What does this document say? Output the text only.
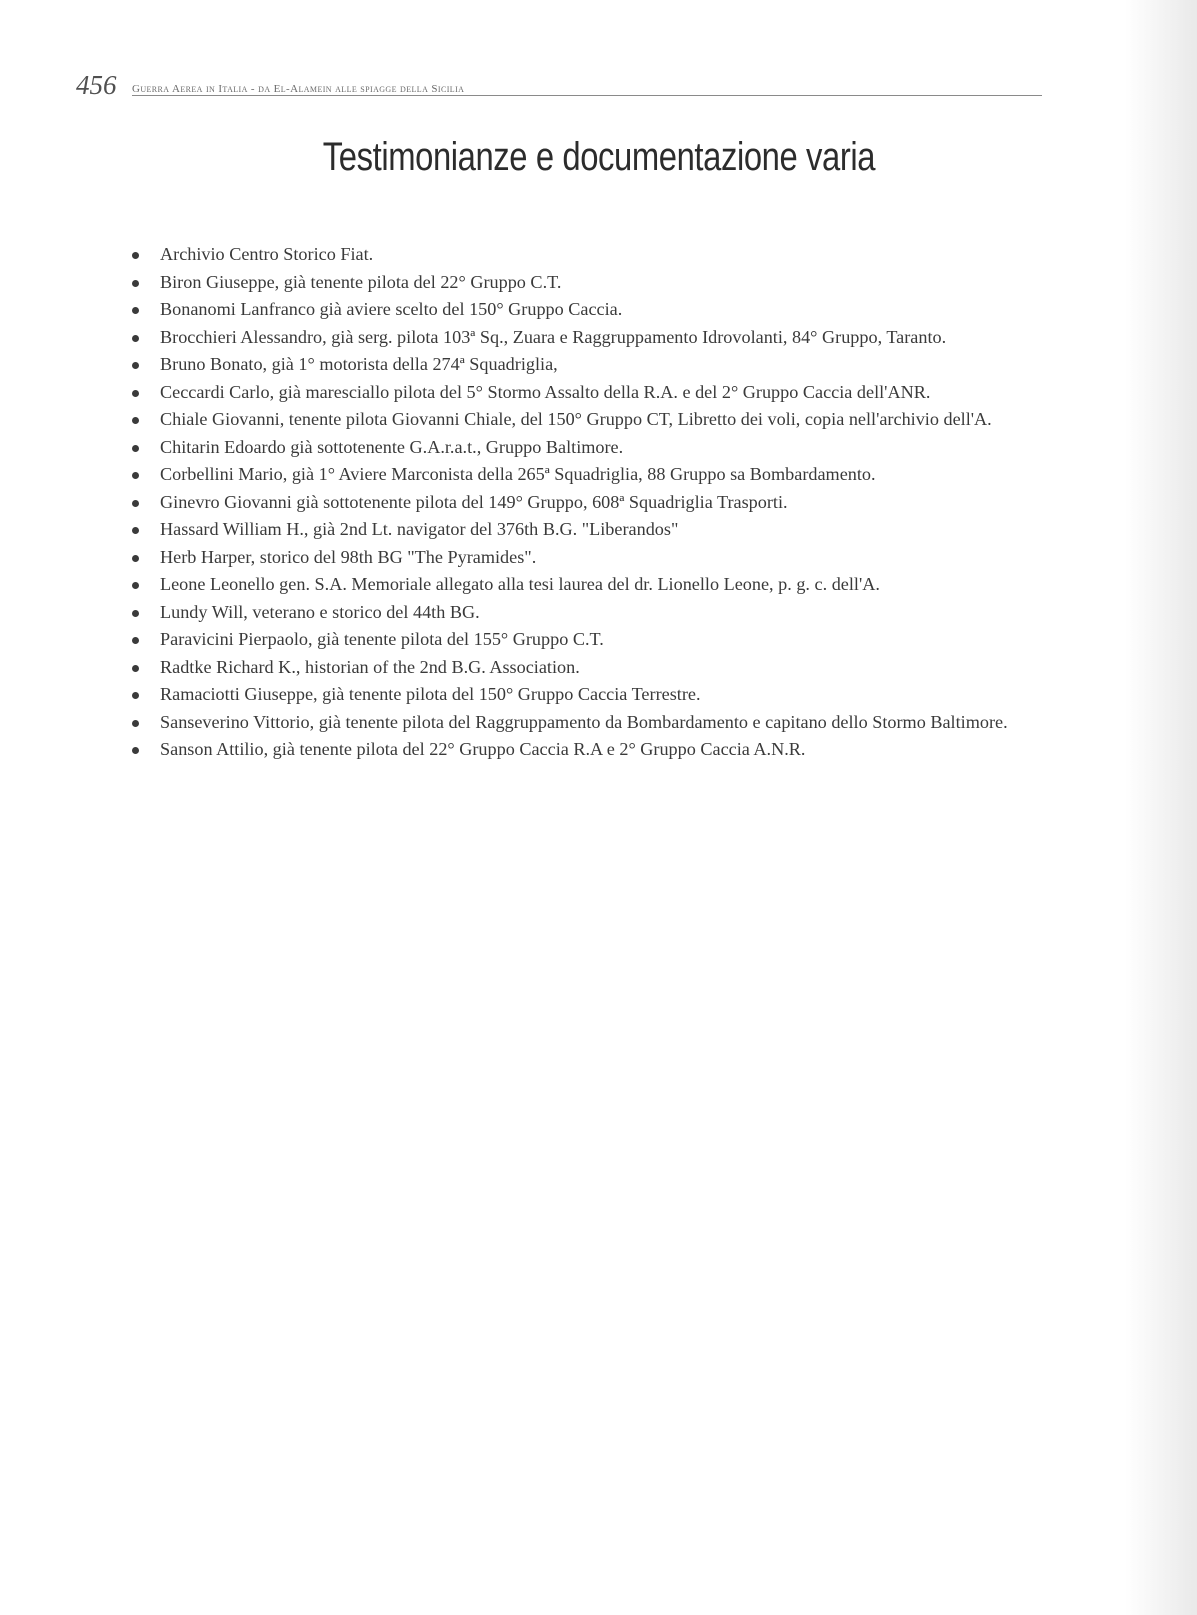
456 Guerra Aerea in Italia - da El-Alamein alle spiagge della Sicilia
Testimonianze e documentazione varia
Archivio Centro Storico Fiat.
Biron Giuseppe, già tenente pilota del 22° Gruppo C.T.
Bonanomi Lanfranco già aviere scelto del 150° Gruppo Caccia.
Brocchieri Alessandro, già serg. pilota 103ª Sq., Zuara e Raggruppamento Idrovolanti, 84° Gruppo, Taranto.
Bruno Bonato, già 1° motorista della 274ª Squadriglia,
Ceccardi Carlo, già maresciallo pilota del 5° Stormo Assalto della R.A. e del 2° Gruppo Caccia dell'ANR.
Chiale Giovanni, tenente pilota Giovanni Chiale, del 150° Gruppo CT, Libretto dei voli, copia nell'archivio dell'A.
Chitarin Edoardo già sottotenente G.A.r.a.t., Gruppo Baltimore.
Corbellini Mario, già 1° Aviere Marconista della 265ª Squadriglia, 88 Gruppo sa Bombardamento.
Ginevro Giovanni già sottotenente pilota del 149° Gruppo, 608ª Squadriglia Trasporti.
Hassard William H., già 2nd Lt. navigator del 376th B.G. "Liberandos"
Herb Harper, storico del 98th BG "The Pyramides".
Leone Leonello gen. S.A. Memoriale allegato alla tesi laurea del dr. Lionello Leone, p. g. c. dell'A.
Lundy Will, veterano e storico del 44th BG.
Paravicini Pierpaolo, già tenente pilota del 155° Gruppo C.T.
Radtke Richard K., historian of the 2nd B.G. Association.
Ramaciotti Giuseppe, già tenente pilota del 150° Gruppo Caccia Terrestre.
Sanseverino Vittorio, già tenente pilota del Raggruppamento da Bombardamento e capitano dello Stormo Baltimore.
Sanson Attilio, già tenente pilota del 22° Gruppo Caccia R.A e 2° Gruppo Caccia A.N.R.
